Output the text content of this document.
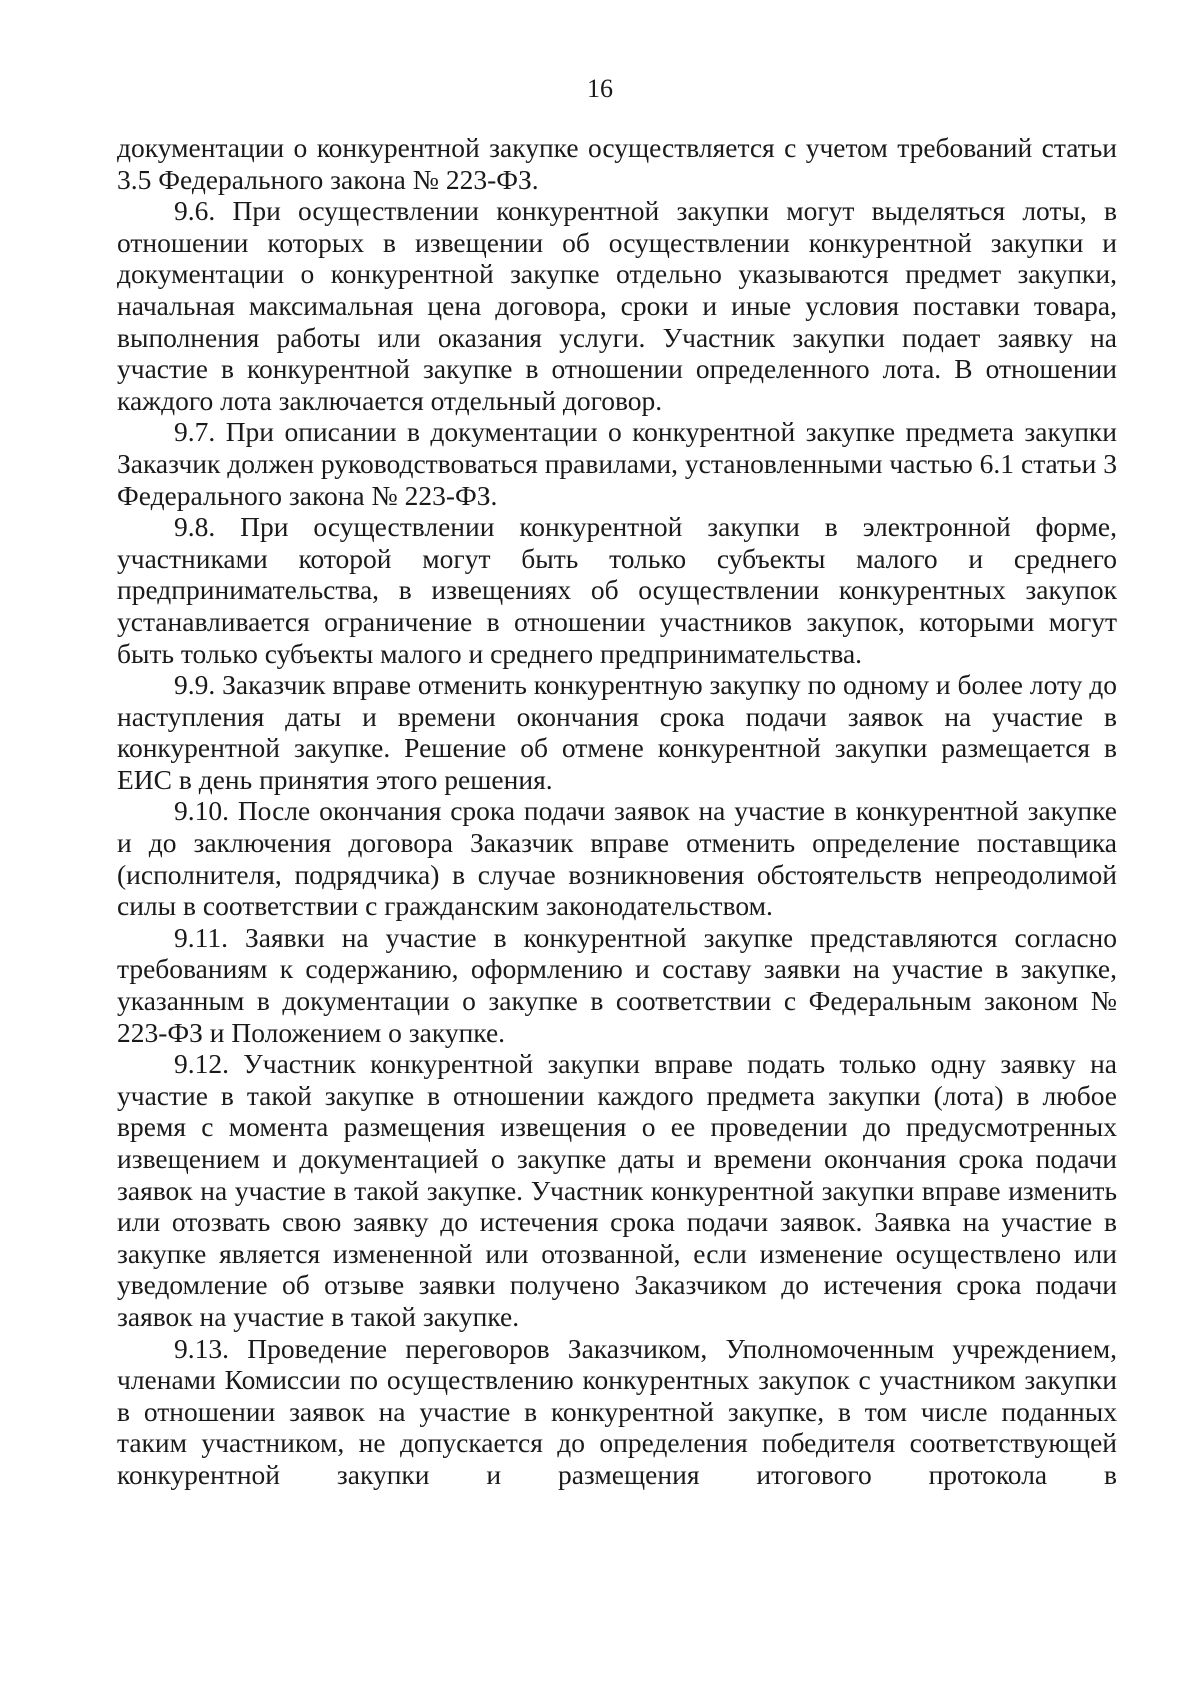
16

документации о конкурентной закупке осуществляется с учетом требований статьи 3.5 Федерального закона № 223-ФЗ.

9.6. При осуществлении конкурентной закупки могут выделяться лоты, в отношении которых в извещении об осуществлении конкурентной закупки и документации о конкурентной закупке отдельно указываются предмет закупки, начальная максимальная цена договора, сроки и иные условия поставки товара, выполнения работы или оказания услуги. Участник закупки подает заявку на участие в конкурентной закупке в отношении определенного лота. В отношении каждого лота заключается отдельный договор.

9.7. При описании в документации о конкурентной закупке предмета закупки Заказчик должен руководствоваться правилами, установленными частью 6.1 статьи 3 Федерального закона № 223-ФЗ.

9.8. При осуществлении конкурентной закупки в электронной форме, участниками которой могут быть только субъекты малого и среднего предпринимательства, в извещениях об осуществлении конкурентных закупок устанавливается ограничение в отношении участников закупок, которыми могут быть только субъекты малого и среднего предпринимательства.

9.9. Заказчик вправе отменить конкурентную закупку по одному и более лоту до наступления даты и времени окончания срока подачи заявок на участие в конкурентной закупке. Решение об отмене конкурентной закупки размещается в ЕИС в день принятия этого решения.

9.10. После окончания срока подачи заявок на участие в конкурентной закупке и до заключения договора Заказчик вправе отменить определение поставщика (исполнителя, подрядчика) в случае возникновения обстоятельств непреодолимой силы в соответствии с гражданским законодательством.

9.11. Заявки на участие в конкурентной закупке представляются согласно требованиям к содержанию, оформлению и составу заявки на участие в закупке, указанным в документации о закупке в соответствии с Федеральным законом № 223-ФЗ и Положением о закупке.

9.12. Участник конкурентной закупки вправе подать только одну заявку на участие в такой закупке в отношении каждого предмета закупки (лота) в любое время с момента размещения извещения о ее проведении до предусмотренных извещением и документацией о закупке даты и времени окончания срока подачи заявок на участие в такой закупке. Участник конкурентной закупки вправе изменить или отозвать свою заявку до истечения срока подачи заявок. Заявка на участие в закупке является измененной или отозванной, если изменение осуществлено или уведомление об отзыве заявки получено Заказчиком до истечения срока подачи заявок на участие в такой закупке.

9.13. Проведение переговоров Заказчиком, Уполномоченным учреждением, членами Комиссии по осуществлению конкурентных закупок с участником закупки в отношении заявок на участие в конкурентной закупке, в том числе поданных таким участником, не допускается до определения победителя соответствующей конкурентной закупки и размещения итогового протокола в
